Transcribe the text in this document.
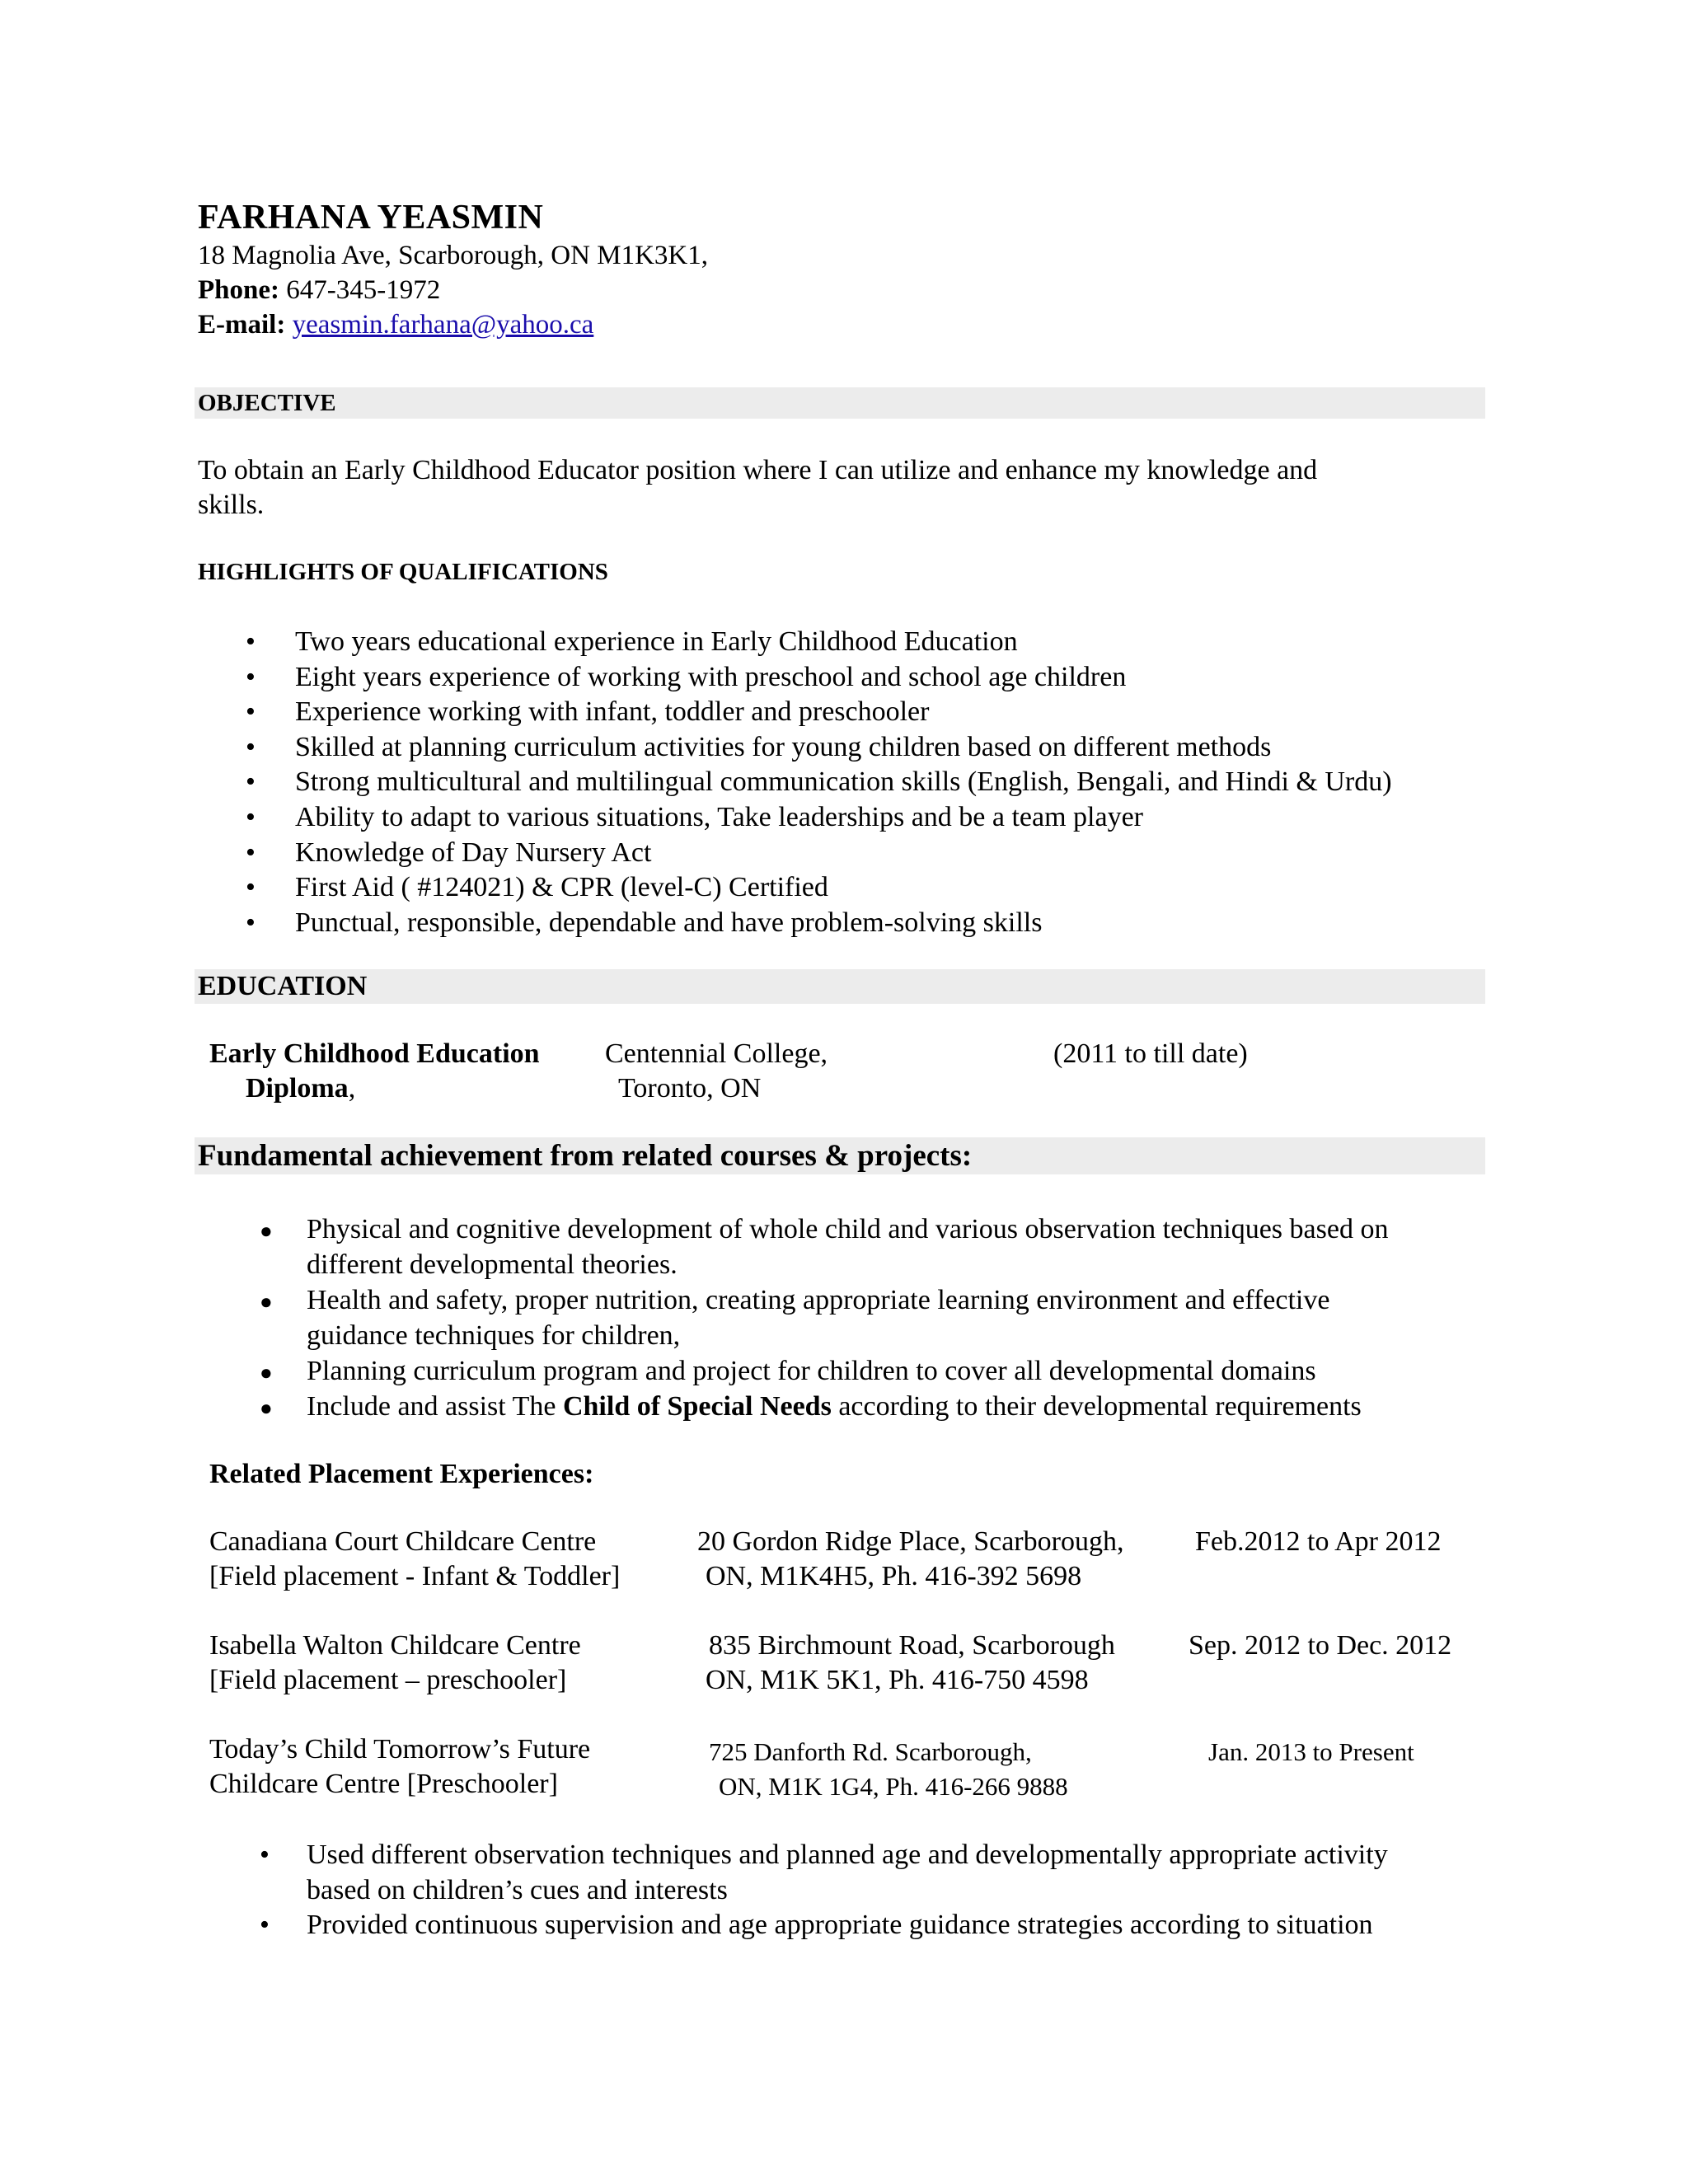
FARHANA YEASMIN
18 Magnolia Ave, Scarborough, ON M1K3K1,
Phone: 647-345-1972
E-mail: yeasmin.farhana@yahoo.ca
OBJECTIVE
To obtain an Early Childhood Educator position where I can utilize and enhance my knowledge and
skills.
HIGHLIGHTS OF QUALIFICATIONS
• Two years educational experience in Early Childhood Education
• Eight years experience of working with preschool and school age children
• Experience working with infant, toddler and preschooler
• Skilled at planning curriculum activities for young children based on different methods
• Strong multicultural and multilingual communication skills (English, Bengali, and Hindi & Urdu)
• Ability to adapt to various situations, Take leaderships and be a team player
• Knowledge of Day Nursery Act
• First Aid ( #124021) & CPR (level-C) Certified
• Punctual, responsible, dependable and have problem-solving skills
EDUCATION
Early Childhood Education
Diploma,
Centennial College,
Toronto, ON
(2011 to till date)
Fundamental achievement from related courses & projects:
● Physical and cognitive development of whole child and various observation techniques based on
different developmental theories.
● Health and safety, proper nutrition, creating appropriate learning environment and effective
guidance techniques for children,
● Planning curriculum program and project for children to cover all developmental domains
● Include and assist The Child of Special Needs according to their developmental requirements
Related Placement Experiences:
Canadiana Court Childcare Centre
[Field placement - Infant & Toddler]
20 Gordon Ridge Place, Scarborough,
ON, M1K4H5, Ph. 416-392 5698
Feb.2012 to Apr 2012
Isabella Walton Childcare Centre
[Field placement – preschooler]
835 Birchmount Road, Scarborough
ON, M1K 5K1, Ph. 416-750 4598
Sep. 2012 to Dec. 2012
Today’s Child Tomorrow’s Future
Childcare Centre [Preschooler]
725 Danforth Rd. Scarborough,
ON, M1K 1G4, Ph. 416-266 9888
Jan. 2013 to Present
• Used different observation techniques and planned age and developmentally appropriate activity
based on children’s cues and interests
• Provided continuous supervision and age appropriate guidance strategies according to situation
